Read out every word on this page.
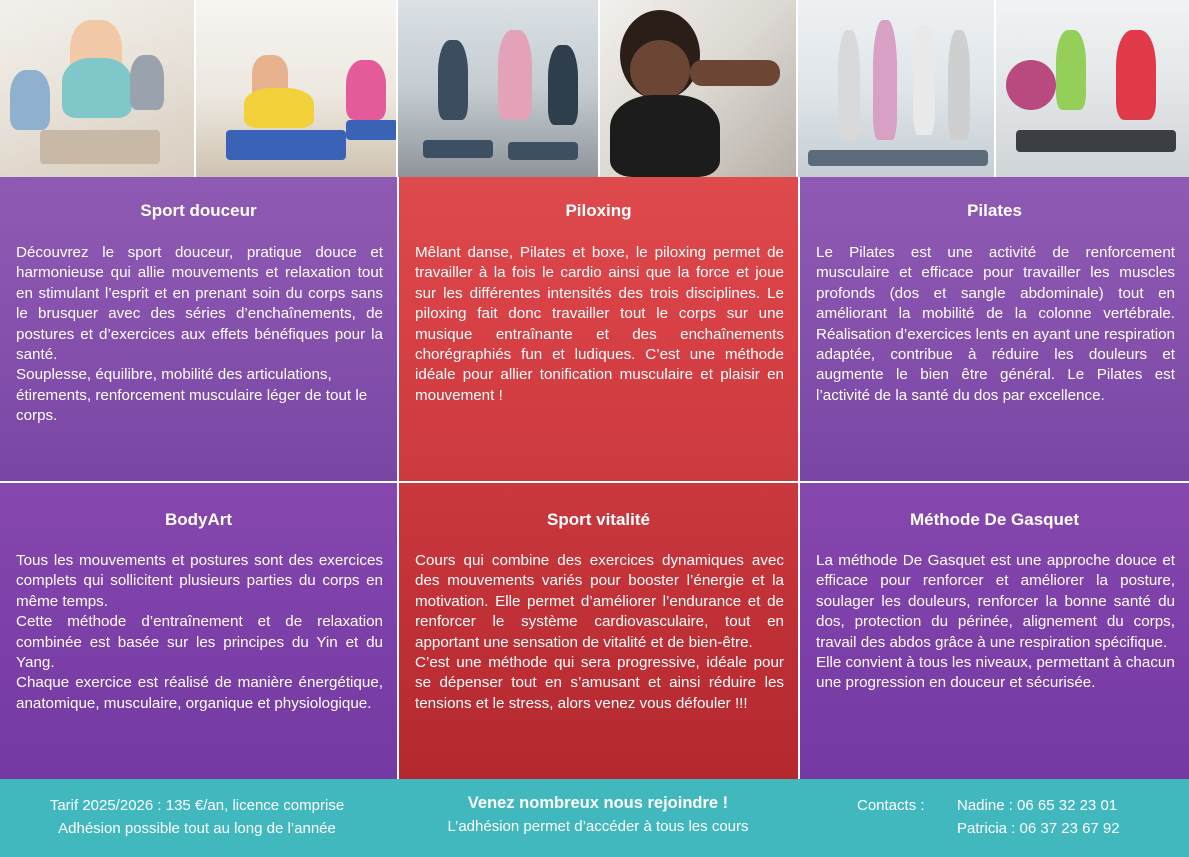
Sport douceur

Découvrez le sport douceur, pratique douce et harmonieuse qui allie mouvements et relaxation tout en stimulant l’esprit et en prenant soin du corps sans le brusquer avec des séries d’enchaînements, de postures et d’exercices aux effets bénéfiques pour la santé.

Souplesse, équilibre, mobilité des articulations, étirements, renforcement musculaire léger de tout le corps.

Piloxing

Mêlant danse, Pilates et boxe, le piloxing permet de travailler à la fois le cardio ainsi que la force et joue sur les différentes intensités des trois disciplines. Le piloxing fait donc travailler tout le corps sur une musique entraînante et des enchaînements chorégraphiés fun et ludiques. C’est une méthode idéale pour allier tonification musculaire et plaisir en mouvement !

Pilates

Le Pilates est une activité de renforcement musculaire et efficace pour travailler les muscles profonds (dos et sangle abdominale) tout en améliorant la mobilité de la colonne vertébrale. Réalisation d’exercices lents en ayant une respiration adaptée, contribue à réduire les douleurs et augmente le bien être général. Le Pilates est l’activité de la santé du dos par excellence.

BodyArt

Tous les mouvements et postures sont des exercices complets qui sollicitent plusieurs parties du corps en même temps.

Cette méthode d’entraînement et de relaxation combinée est basée sur les principes du Yin et du Yang.

Chaque exercice est réalisé de manière énergétique, anatomique, musculaire, organique et physiologique.

Sport vitalité

Cours qui combine des exercices dynamiques avec des mouvements variés pour booster l’énergie et la motivation. Elle permet d’améliorer l’endurance et de renforcer le système cardiovasculaire, tout en apportant une sensation de vitalité et de bien-être.

C’est une méthode qui sera progressive, idéale pour se dépenser tout en s’amusant et ainsi réduire les tensions et le stress, alors venez vous défouler !!!

Méthode De Gasquet

La méthode De Gasquet est une approche douce et efficace pour renforcer et améliorer la posture, soulager les douleurs, renforcer la bonne santé du dos, protection du périnée, alignement du corps, travail des abdos grâce à une respiration spécifique.

Elle convient à tous les niveaux, permettant à chacun une progression en douceur et sécurisée.

Tarif 2025/2026 : 135 €/an, licence comprise
Adhésion possible tout au long de l’année
Venez nombreux nous rejoindre !
L’adhésion permet d’accéder à tous les cours
Contacts : Nadine : 06 65 32 23 01
Patricia : 06 37 23 67 92
